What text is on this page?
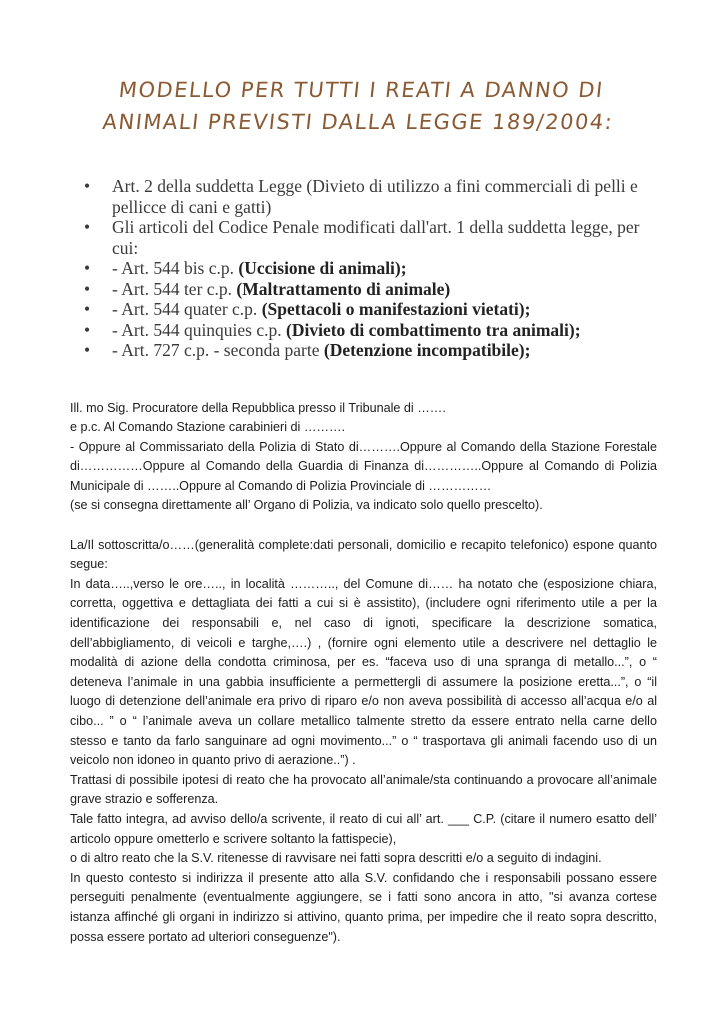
MODELLO PER TUTTI I REATI A DANNO DI
ANIMALI PREVISTI DALLA LEGGE 189/2004:
• Art. 2 della suddetta Legge (Divieto di utilizzo a fini commerciali di pelli e pellicce di cani e gatti)
• Gli articoli del Codice Penale modificati dall'art. 1 della suddetta legge, per cui:
• - Art. 544 bis c.p. (Uccisione di animali);
• - Art. 544 ter c.p. (Maltrattamento di animale)
• - Art. 544 quater c.p. (Spettacoli o manifestazioni vietati);
• - Art. 544 quinquies c.p. (Divieto di combattimento tra animali);
• - Art. 727 c.p. - seconda parte (Detenzione incompatibile);

Ill. mo Sig. Procuratore della Repubblica presso il Tribunale di …….

e p.c. Al Comando Stazione carabinieri di ……….

- Oppure al Commissariato della Polizia di Stato di……….Oppure al Comando della Stazione Forestale di……………Oppure al Comando della Guardia di Finanza di…………..Oppure al Comando di Polizia Municipale di ……..Oppure al Comando di Polizia Provinciale di ……………

(se si consegna direttamente all’ Organo di Polizia, va indicato solo quello prescelto).

La/Il sottoscritta/o……(generalità complete:dati personali, domicilio e recapito telefonico) espone quanto segue:

In data…..,verso le ore….., in località ……….., del Comune di…… ha notato che (esposizione chiara, corretta, oggettiva e dettagliata dei fatti a cui si è assistito), (includere ogni riferimento utile a per la identificazione dei responsabili e, nel caso di ignoti, specificare la descrizione somatica, dell’abbigliamento, di veicoli e targhe,….) , (fornire ogni elemento utile a descrivere nel dettaglio le modalità di azione della condotta criminosa, per es. “faceva uso di una spranga di metallo...”, o “ deteneva l’animale in una gabbia insufficiente a permettergli di assumere la posizione eretta...”, o “il luogo di detenzione dell’animale era privo di riparo e/o non aveva possibilità di accesso all’acqua e/o al cibo... ” o “ l’animale aveva un collare metallico talmente stretto da essere entrato nella carne dello stesso e tanto da farlo sanguinare ad ogni movimento...” o “ trasportava gli animali facendo uso di un veicolo non idoneo in quanto privo di aerazione..”) .

Trattasi di possibile ipotesi di reato che ha provocato all’animale/sta continuando a provocare all’animale grave strazio e sofferenza.

Tale fatto integra, ad avviso dello/a scrivente, il reato di cui all’ art. ___ C.P. (citare il numero esatto dell’ articolo oppure ometterlo e scrivere soltanto la fattispecie),

o di altro reato che la S.V. ritenesse di ravvisare nei fatti sopra descritti e/o a seguito di indagini.

In questo contesto si indirizza il presente atto alla S.V. confidando che i responsabili possano essere perseguiti penalmente (eventualmente aggiungere, se i fatti sono ancora in atto, "si avanza cortese istanza affinché gli organi in indirizzo si attivino, quanto prima, per impedire che il reato sopra descritto, possa essere portato ad ulteriori conseguenze").
